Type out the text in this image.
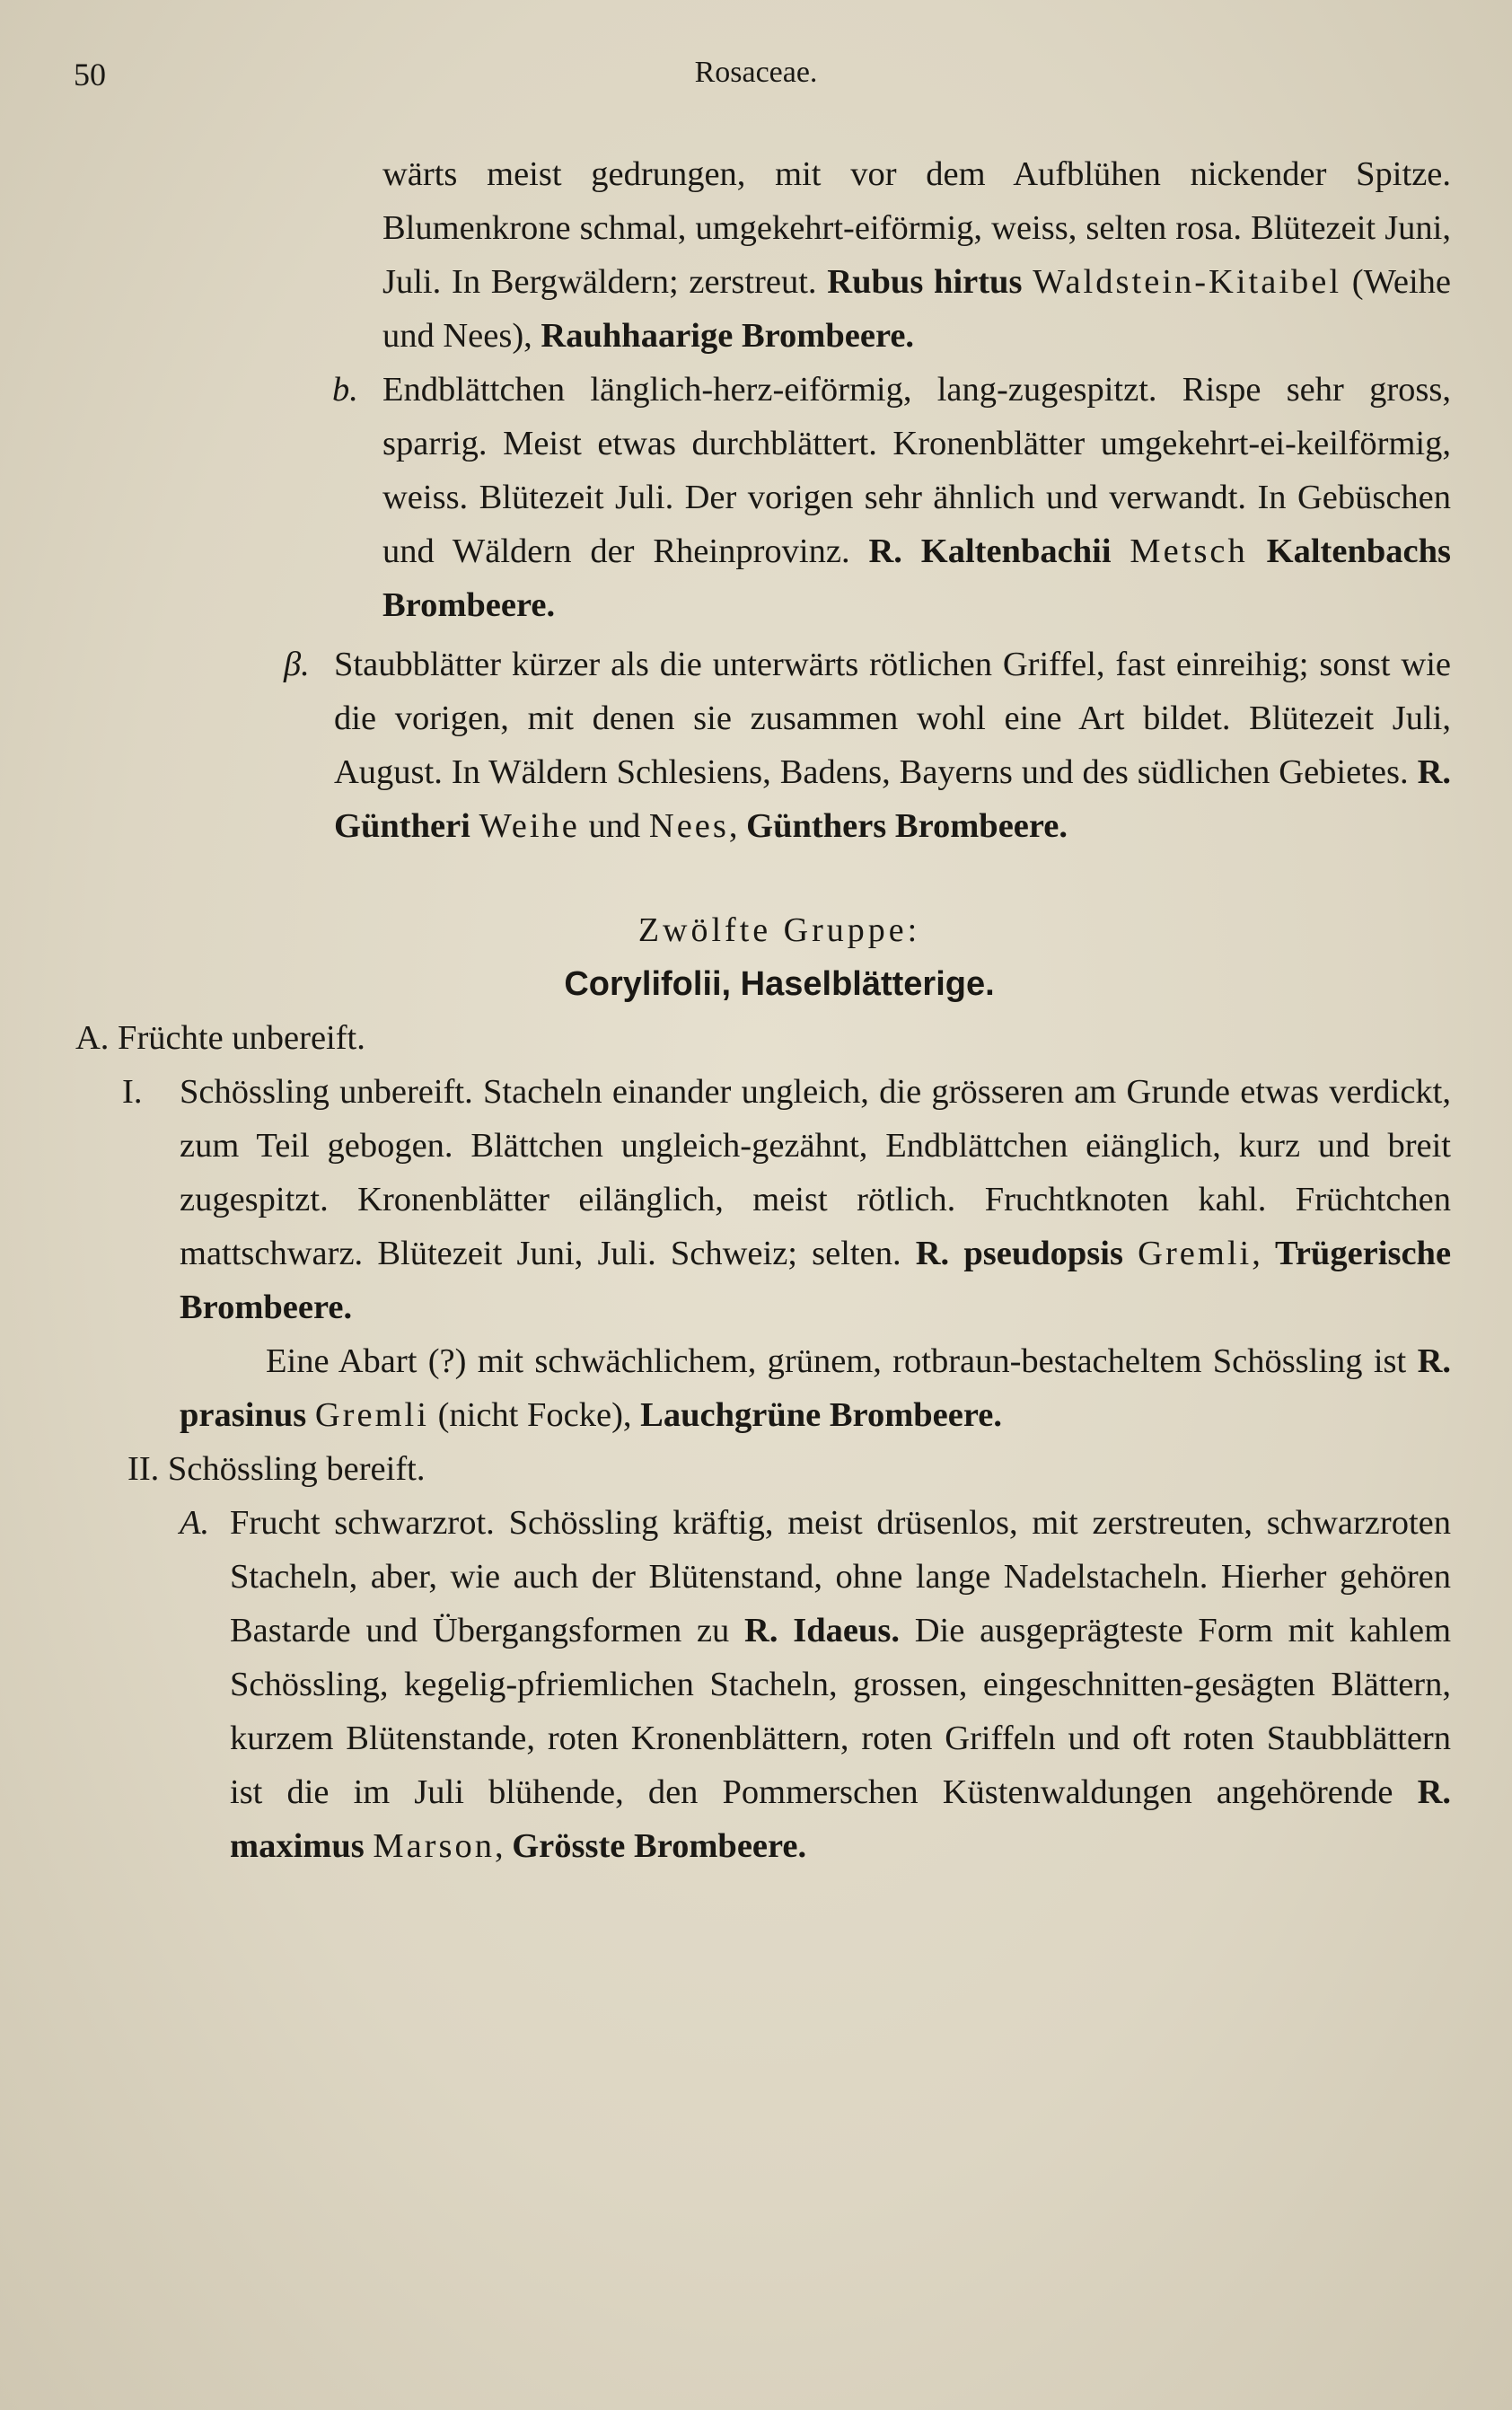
50	Rosaceae.
wärts meist gedrungen, mit vor dem Aufblühen nickender Spitze. Blumenkrone schmal, umgekehrt-eiförmig, weiss, selten rosa. Blütezeit Juni, Juli. In Bergwäldern; zerstreut. Rubus hirtus Waldstein-Kitaibel (Weihe und Nees), Rauhhaarige Brombeere.
b. Endblättchen länglich-herz-eiförmig, lang-zugespitzt. Rispe sehr gross, sparrig. Meist etwas durchblättert. Kronenblätter umgekehrt-ei-keilförmig, weiss. Blütezeit Juli. Der vorigen sehr ähnlich und verwandt. In Gebüschen und Wäldern der Rheinprovinz. R. Kaltenbachii Metsch Kaltenbachs Brombeere.
β. Staubblätter kürzer als die unterwärts rötlichen Griffel, fast einreihig; sonst wie die vorigen, mit denen sie zusammen wohl eine Art bildet. Blütezeit Juli, August. In Wäldern Schlesiens, Badens, Bayerns und des südlichen Gebietes. R. Güntheri Weihe und Nees, Günthers Brombeere.
Zwölfte Gruppe:
Corylifolii, Haselblätterige.
A. Früchte unbereift.
I. Schössling unbereift. Stacheln einander ungleich, die grösseren am Grunde etwas verdickt, zum Teil gebogen. Blättchen ungleich-gezähnt, Endblättchen eiänglich, kurz und breit zugespitzt. Kronenblätter eilänglich, meist rötlich. Fruchtknoten kahl. Früchtchen mattschwarz. Blütezeit Juni, Juli. Schweiz; selten. R. pseudopsis Gremli, Trügerische Brombeere.
Eine Abart (?) mit schwächlichem, grünem, rotbraun-bestacheltem Schössling ist R. prasinus Gremli (nicht Focke), Lauchgrüne Brombeere.
II. Schössling bereift.
A. Frucht schwarzrot. Schössling kräftig, meist drüsenlos, mit zerstreuten, schwarzroten Stacheln, aber, wie auch der Blütenstand, ohne lange Nadelstacheln. Hierher gehören Bastarde und Übergangsformen zu R. Idaeus. Die ausgeprägteste Form mit kahlem Schössling, kegelig-pfriemlichen Stacheln, grossen, eingeschnitten-gesägten Blättern, kurzem Blütenstande, roten Kronenblättern, roten Griffeln und oft roten Staubblättern ist die im Juli blühende, den Pommerschen Küstenwaldungen angehörende R. maximus Marson, Grösste Brombeere.
